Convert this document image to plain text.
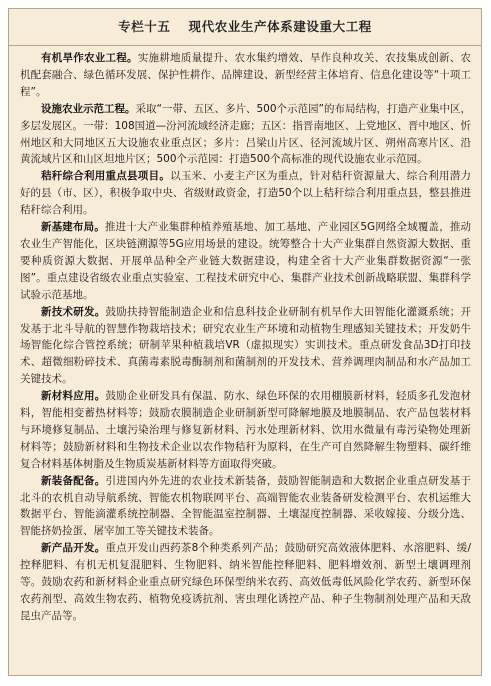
专栏十五 现代农业生产体系建设重大工程

有机旱作农业工程。实施耕地质量提升、农水集约增效、旱作良种攻关、农技集成创新、农机配套融合、绿色循环发展、保护性耕作、品牌建设、新型经营主体培育、信息化建设等“十项工程”。

设施农业示范工程。采取“一带、五区、多片、500个示范园”的布局结构，打造产业集中区，多层发展区。一带：108国道—汾河流域经济走廊；五区：指晋南地区、上党地区、晋中地区、忻州地区和大同地区五大设施农业重点区；多片：吕梁山片区、径河流域片区、朔州高寒片区、沿黄流域片区和山区坦地片区；500个示范园：打造500个高标准的现代设施农业示范园。

秸秆综合利用重点县项目。以玉米、小麦主产区为重点，针对秸秆资源量大、综合利用潜力好的县（市、区），积极争取中央、省级财政资金，打造50个以上秸秆综合利用重点县，整县推进秸秆综合利用。

新基建布局。推进十大产业集群种植养殖基地、加工基地、产业园区5G网络全域覆盖，推动农业生产智能化，区块链溯源等5G应用场景的建设。统筹整合十大产业集群自然资源大数据、重要种质资源大数据、开展单品种全产业链大数据建设，构建全省十大产业集群数据资源“一张图”。重点建设省级农业重点实验室、工程技术研究中心、集群产业技术创新战略联盟、集群科学试验示范基地。

新技术研发。鼓励扶持智能制造企业和信息科技企业研制有机旱作大田智能化灌溉系统；开发基于北斗导航的智慧作物栽培技术；研究农业生产环境和动植物生理感知关键技术；开发奶牛场智能化综合管控系统；研制苹果种植栽培VR（虚拟现实）实训技术。重点研发食品3D打印技术、超微细粉碎技术、真菌毒素脱毒酶制剂和菌制剂的开发技术、营养调理肉制品和水产品加工关键技术。

新材料应用。鼓励企业研发具有保温、防水、绿色环保的农用棚膜新材料，轻质多孔发泡材料，智能相变蓄热材料等；鼓励农膜制造企业研制新型可降解地膜及地膜制品、农产品包装材料与环境修复制品、土壤污染治理与修复新材料、污水处理新材料、饮用水微量有毒污染物处理新材料等；鼓励新材料和生物技术企业以农作物秸秆为原料，在生产可自然降解生物塑料、碳纤维复合材料基体树脂及生物质炭基新材料等方面取得突破。

新装备配备。引进国内外先进的农业技术新装备，鼓励智能制造和大数据企业重点研发基于北斗的农机自动导航系统、智能农机物联网平台、高端智能农业装备研发检测平台、农机运维大数据平台、智能滴灌系统控制器、全智能温室控制器、土壤湿度控制器、采收嫁接、分级分选、智能挤奶捡蛋、屠宰加工等关键技术装备。

新产品开发。重点开发山西药茶8个种类系列产品；鼓励研究高效液体肥料、水溶肥料、缓/控释肥料、有机无机复混肥料、生物肥料、纳米智能控释肥料、肥料增效剂、新型土壤调理剂等。鼓励农药和新材料企业重点研究绿色环保型纳米农药、高效低毒低风险化学农药、新型环保农药剂型、高效生物农药、植物免疫诱抗剂、害虫理化诱控产品、种子生物制剂处理产品和天敌昆虫产品等。
